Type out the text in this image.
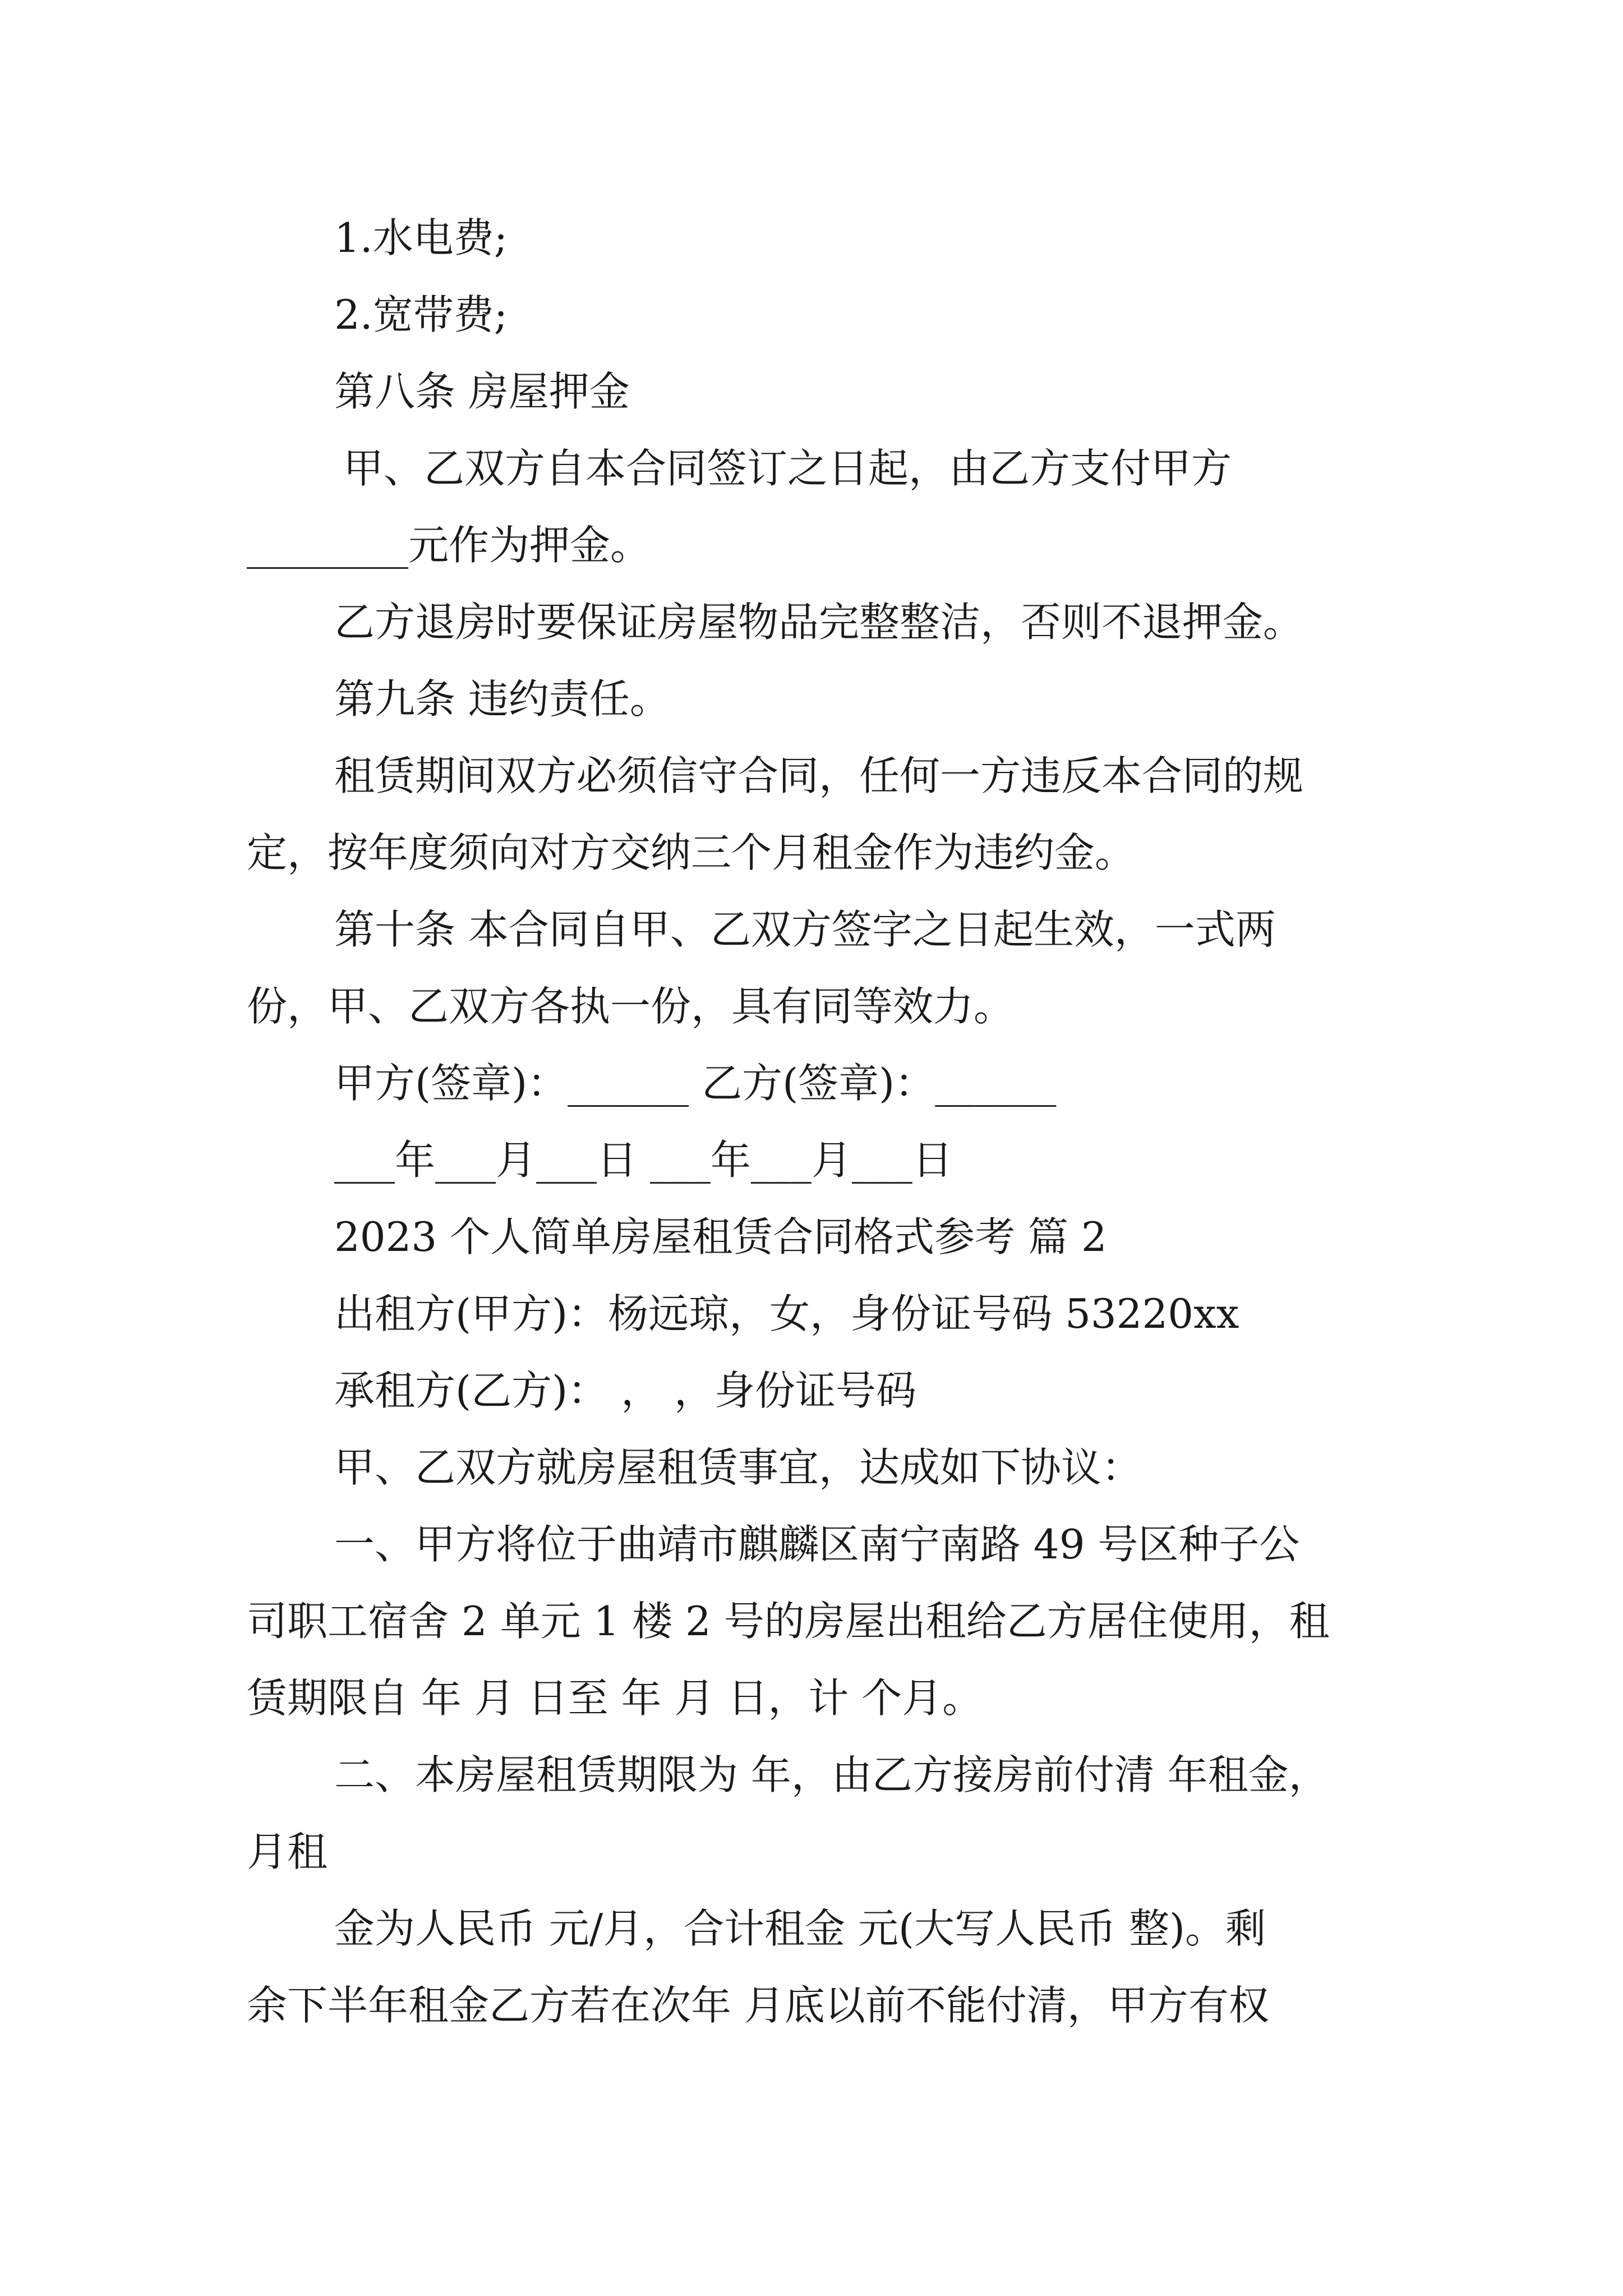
1.水电费;
2.宽带费;
第八条 房屋押金
甲、乙双方自本合同签订之日起，由乙方支付甲方
________元作为押金。
乙方退房时要保证房屋物品完整整洁，否则不退押金。
第九条 违约责任。
租赁期间双方必须信守合同，任何一方违反本合同的规
定，按年度须向对方交纳三个月租金作为违约金。
第十条 本合同自甲、乙双方签字之日起生效，一式两
份，甲、乙双方各执一份，具有同等效力。
甲方(签章)：______ 乙方(签章)：______
___年___月___日 ___年___月___日
2023 个人简单房屋租赁合同格式参考 篇 2
出租方(甲方)：杨远琼，女，身份证号码 53220xx
承租方(乙方)： ， ，身份证号码
甲、乙双方就房屋租赁事宜，达成如下协议：
一、甲方将位于曲靖市麒麟区南宁南路 49 号区种子公
司职工宿舍 2 单元 1 楼 2 号的房屋出租给乙方居住使用，租
赁期限自 年 月 日至 年 月 日，计 个月。
二、本房屋租赁期限为 年，由乙方接房前付清 年租金，
月租
金为人民币 元/月，合计租金 元(大写人民币 整)。剩
余下半年租金乙方若在次年 月底以前不能付清，甲方有权
